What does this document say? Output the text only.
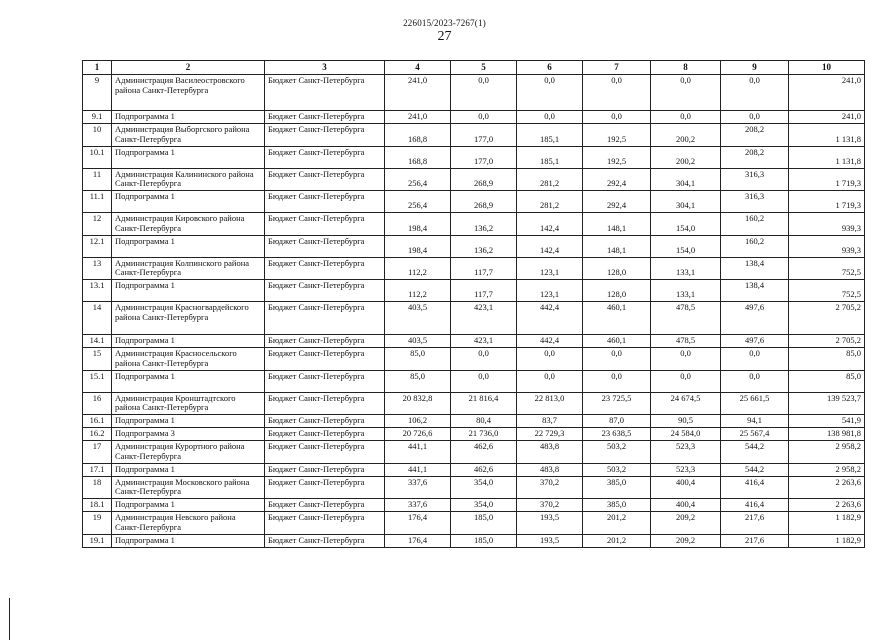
226015/2023-7267(1)
27
1	2	3	4	5	6	7	8	9	10
9	Администрация Василеостровского района Санкт-Петербурга	Бюджет Санкт-Петербурга	241,0	0,0	0,0	0,0	0,0	0,0	241,0
9.1	Подпрограмма 1	Бюджет Санкт-Петербурга	241,0	0,0	0,0	0,0	0,0	0,0	241,0
10	Администрация Выборгского района Санкт-Петербурга	Бюджет Санкт-Петербурга	168,8	177,0	185,1	192,5	200,2	208,2	1 131,8
10.1	Подпрограмма 1	Бюджет Санкт-Петербурга	168,8	177,0	185,1	192,5	200,2	208,2	1 131,8
11	Администрация Калининского района Санкт-Петербурга	Бюджет Санкт-Петербурга	256,4	268,9	281,2	292,4	304,1	316,3	1 719,3
11.1	Подпрограмма 1	Бюджет Санкт-Петербурга	256,4	268,9	281,2	292,4	304,1	316,3	1 719,3
12	Администрация Кировского района Санкт-Петербурга	Бюджет Санкт-Петербурга	198,4	136,2	142,4	148,1	154,0	160,2	939,3
12.1	Подпрограмма 1	Бюджет Санкт-Петербурга	198,4	136,2	142,4	148,1	154,0	160,2	939,3
13	Администрация Колпинского района Санкт-Петербурга	Бюджет Санкт-Петербурга	112,2	117,7	123,1	128,0	133,1	138,4	752,5
13.1	Подпрограмма 1	Бюджет Санкт-Петербурга	112,2	117,7	123,1	128,0	133,1	138,4	752,5
14	Администрация Красногвардейского района Санкт-Петербурга	Бюджет Санкт-Петербурга	403,5	423,1	442,4	460,1	478,5	497,6	2 705,2
14.1	Подпрограмма 1	Бюджет Санкт-Петербурга	403,5	423,1	442,4	460,1	478,5	497,6	2 705,2
15	Администрация Красносельского района Санкт-Петербурга	Бюджет Санкт-Петербурга	85,0	0,0	0,0	0,0	0,0	0,0	85,0
15.1	Подпрограмма 1	Бюджет Санкт-Петербурга	85,0	0,0	0,0	0,0	0,0	0,0	85,0
16	Администрация Кронштадтского района Санкт-Петербурга	Бюджет Санкт-Петербурга	20 832,8	21 816,4	22 813,0	23 725,5	24 674,5	25 661,5	139 523,7
16.1	Подпрограмма 1	Бюджет Санкт-Петербурга	106,2	80,4	83,7	87,0	90,5	94,1	541,9
16.2	Подпрограмма 3	Бюджет Санкт-Петербурга	20 726,6	21 736,0	22 729,3	23 638,5	24 584,0	25 567,4	138 981,8
17	Администрация Курортного района Санкт-Петербурга	Бюджет Санкт-Петербурга	441,1	462,6	483,8	503,2	523,3	544,2	2 958,2
17.1	Подпрограмма 1	Бюджет Санкт-Петербурга	441,1	462,6	483,8	503,2	523,3	544,2	2 958,2
18	Администрация Московского района Санкт-Петербурга	Бюджет Санкт-Петербурга	337,6	354,0	370,2	385,0	400,4	416,4	2 263,6
18.1	Подпрограмма 1	Бюджет Санкт-Петербурга	337,6	354,0	370,2	385,0	400,4	416,4	2 263,6
19	Администрация Невского района Санкт-Петербурга	Бюджет Санкт-Петербурга	176,4	185,0	193,5	201,2	209,2	217,6	1 182,9
19.1	Подпрограмма 1	Бюджет Санкт-Петербурга	176,4	185,0	193,5	201,2	209,2	217,6	1 182,9
